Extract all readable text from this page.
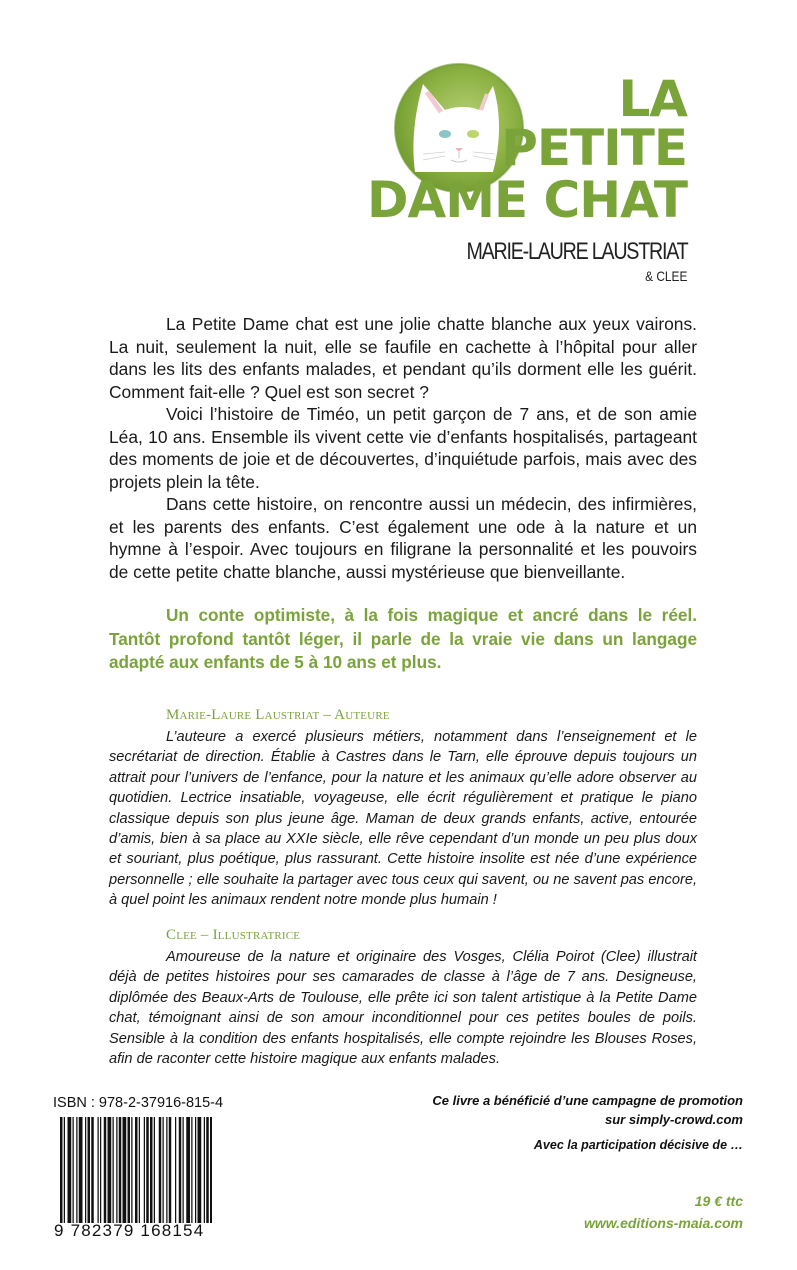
LA
PETITE
DAME CHAT
MARIE-LAURE LAUSTRIAT
& CLEE

La Petite Dame chat est une jolie chatte blanche aux yeux vairons. La nuit, seulement la nuit, elle se faufile en cachette à l’hôpital pour aller dans les lits des enfants malades, et pendant qu’ils dorment elle les guérit. Comment fait-elle ? Quel est son secret ?

Voici l’histoire de Timéo, un petit garçon de 7 ans, et de son amie Léa, 10 ans. Ensemble ils vivent cette vie d’enfants hospitalisés, partageant des moments de joie et de découvertes, d’inquiétude parfois, mais avec des projets plein la tête.

Dans cette histoire, on rencontre aussi un médecin, des infirmières, et les parents des enfants. C’est également une ode à la nature et un hymne à l’espoir. Avec toujours en filigrane la personnalité et les pouvoirs de cette petite chatte blanche, aussi mystérieuse que bienveillante.

Un conte optimiste, à la fois magique et ancré dans le réel. Tantôt profond tantôt léger, il parle de la vraie vie dans un langage adapté aux enfants de 5 à 10 ans et plus.
Marie-Laure Laustriat – Auteure

L’auteure a exercé plusieurs métiers, notamment dans l’enseignement et le secrétariat de direction. Établie à Castres dans le Tarn, elle éprouve depuis toujours un attrait pour l’univers de l’enfance, pour la nature et les animaux qu’elle adore observer au quotidien. Lectrice insatiable, voyageuse, elle écrit régulièrement et pratique le piano classique depuis son plus jeune âge. Maman de deux grands enfants, active, entourée d’amis, bien à sa place au XXIe siècle, elle rêve cependant d’un monde un peu plus doux et souriant, plus poétique, plus rassurant. Cette histoire insolite est née d’une expérience personnelle ; elle souhaite la partager avec tous ceux qui savent, ou ne savent pas encore, à quel point les animaux rendent notre monde plus humain !

Clee – Illustratrice

Amoureuse de la nature et originaire des Vosges, Clélia Poirot (Clee) illustrait déjà de petites histoires pour ses camarades de classe à l’âge de 7 ans. Designeuse, diplômée des Beaux-Arts de Toulouse, elle prête ici son talent artistique à la Petite Dame chat, témoignant ainsi de son amour inconditionnel pour ces petites boules de poils. Sensible à la condition des enfants hospitalisés, elle compte rejoindre les Blouses Roses, afin de raconter cette histoire magique aux enfants malades.

ISBN : 978-2-37916-815-4
9 782379 168154
Ce livre a bénéficié d’une campagne de promotion
sur simply-crowd.com
Avec la participation décisive de …
19 € ttc
www.editions-maia.com
